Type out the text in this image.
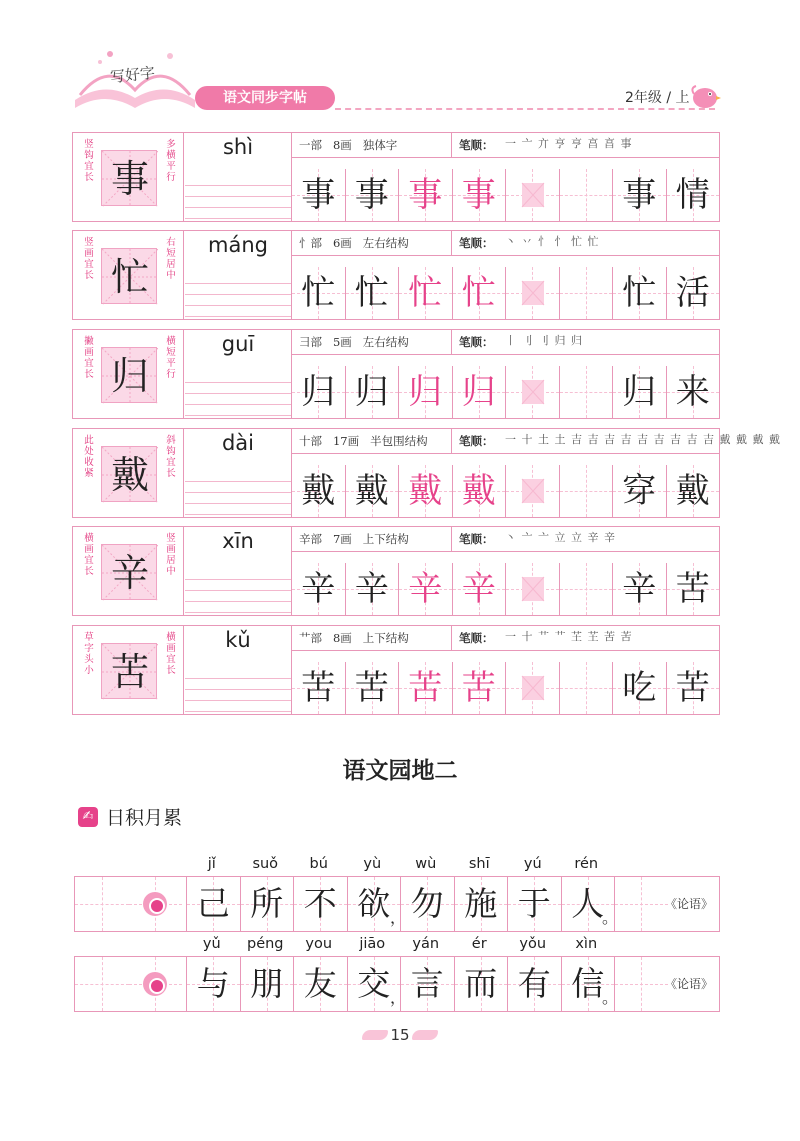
写好字
语文同步字帖	2年级 / 上
竖钩宜长 事
多横平行
shì	一部   8画   独体字	笔顺： 一 亠 亣 亨 亨 亯 亯 事
事 事 事 事	事 情
竖画宜长 忙
右短居中
máng	忄部   6画   左右结构	笔顺： 丶 丷 忄 忄 忙 忙
忙 忙 忙 忙	忙 活
撇画宜长 归
横短平行
guī	彐部   5画   左右结构	笔顺： 丨 刂 刂 归 归
归 归 归 归	归 来
此处收紧 戴
斜钩宜长
dài	十部   17画   半包围结构	笔顺： 一 十 土 土 吉 吉 吉 吉 吉 吉 吉 吉 吉 戴 戴 戴 戴
戴 戴 戴 戴	穿 戴
横画宜长 辛
竖画居中
xīn	辛部   7画   上下结构	笔顺： 丶 亠 亠 立 立 辛 辛
辛 辛 辛 辛	辛 苦
草字头小 苦
横画宜长
kǔ	艹部   8画   上下结构	笔顺： 一 十 艹 艹 芏 芏 苦 苦
苦 苦 苦 苦	吃 苦
语文园地二
✍ 日积月累
jǐ	suǒ	bú	yù	wù	shī	yú	rén
己 所 不 欲 勿 施 于 人
，	。
《论语》
yǔ	péng	you	jiāo	yán	ér	yǒu	xìn
与 朋 友 交 言 而 有 信
，	。
《论语》
15
